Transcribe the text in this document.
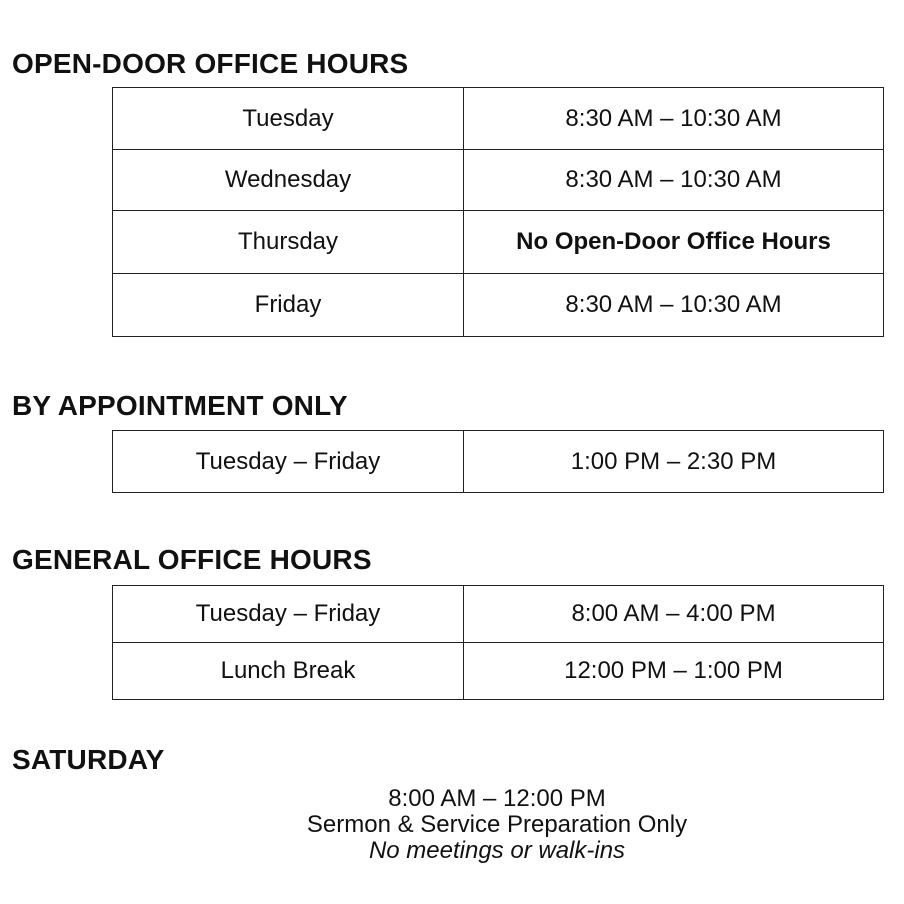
OPEN-DOOR OFFICE HOURS
Tuesday	8:30 AM – 10:30 AM
Wednesday	8:30 AM – 10:30 AM
Thursday	No Open-Door Office Hours
Friday	8:30 AM – 10:30 AM
BY APPOINTMENT ONLY
Tuesday – Friday	1:00 PM – 2:30 PM
GENERAL OFFICE HOURS
Tuesday – Friday	8:00 AM – 4:00 PM
Lunch Break	12:00 PM – 1:00 PM
SATURDAY
8:00 AM – 12:00 PM
Sermon & Service Preparation Only
No meetings or walk-ins
